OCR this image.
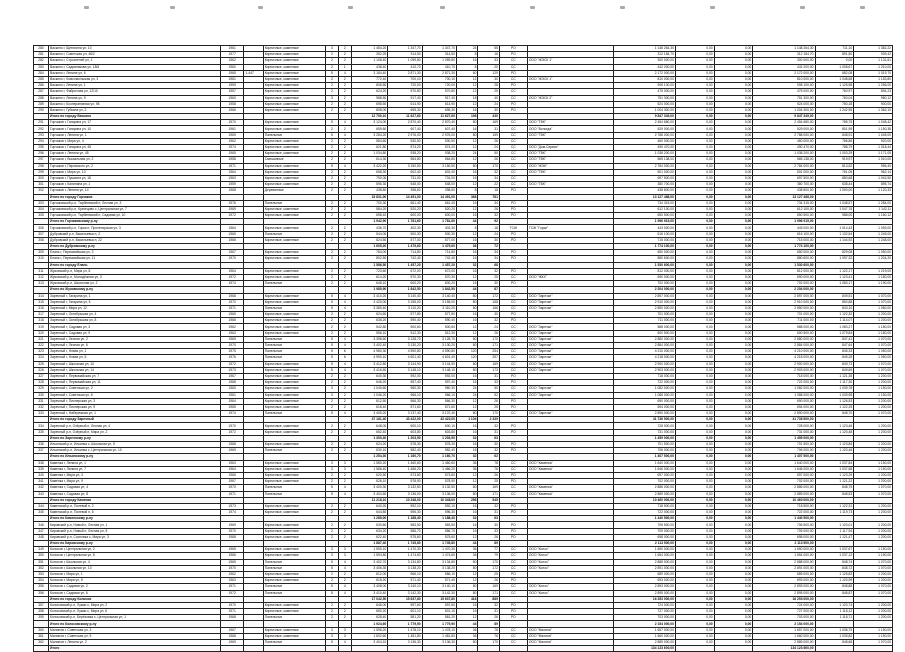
280	Васкино г, Щетинина ул, 10	1961		Кирпичные, каменные	3	2	1 484,20	1 347,70	1 347,70	24	55	РО		1 148 264,30	0,00	0,00	1 148 264,30	711,10	1 382,22
281	Васкино г, Советская ул, 48/2	1977		Кирпичные, каменные	2	2	352,25	314,50	314,50	8	16	РО		312 184,70	0,00	0,00	312 184,70	891,50	939,42
282	Васкино г, Строителей ул, 1	1962		Кирпичные, каменные	2	2	1 108,40	1 059,80	1 059,80	16	33	СС	ООО "ЖЭСК 1"	300 000,00	0,00	0,00	300 000,00	0,00	1 131,61
283	Васкино г, Садовникова ул, 18/6	1960		Кирпичные, каменные	2	1	438,40	410,70	410,70	8	20	СС		442 200,00	0,00	0,00	442 200,00	1 008,67	1 210,00
284	Васкино г, Ленина ул, 6	1965	1-447	Кирпичные, каменные	5	4	3 184,40	2 871,30	2 871,30	60	129	РО		2 172 000,00	0,00	0,00	2 172 000,00	682,08	1 019,70
285	Васкино г, Комсомольская ул, 3	1961		Кирпичные, каменные	2	2	772,40	700,10	700,10	12	30	СС	ООО "ЖЭСК 1"	810 000,00	0,00	0,00	810 000,00	1 048,68	1 183,80
286	Васкино г, Ленина ул, 1	1959		Кирпичные, каменные	2	2	806,50	720,00	720,00	12	28	РО		908 100,00	0,00	0,00	908 100,00	1 125,98	1 256,00
287	Васкино г, Фабричная ул, 12/10	1957		Кирпичные, каменные	2	2	624,20	570,80	570,80	12	25	СС		475 000,00	0,00	0,00	475 000,00	760,97	894,23
288	Васкино г, Ленина ул, 9	1960		Кирпичные, каменные	3	2	988,50	917,40	917,40	18	40	СС	ООО "ЖЭСК 2"	751 300,00	0,00	0,00	751 300,00	760,04	980,12
289	Васкино г, Кооперативная ул, 98	1958		Кирпичные, каменные	2	2	698,50	614,90	614,90	12	24	РО		524 000,00	0,00	0,00	524 000,00	750,18	900,00
290	Васкино г, Губкина ул, 2	1966		Кирпичные, каменные	2	2	808,00	695,30	695,30	16	30	РО		1 004 300,00	0,00	0,00	1 004 300,00	1 242,95	1 362,10
	Итого по городу Васкино						12 750,10	11 627,60	11 627,60	198	430			9 847 349,00	0,00	0,00	9 847 349,00		
291	Горчаков г, Гагарина ул, 17	1970		Кирпичные, каменные	5	4	3 124,00	2 870,40	2 870,40	80	169	СС	ООО "ТВК"	2 454 680,00	0,00	0,00	2 454 680,00	785,75	1 048,42
292	Горчаков г, Гагарина ул, 10	1961		Кирпичные, каменные	2	2	659,60	607,40	607,40	16	31	СС	ООО "Вологда"	529 000,00	0,00	0,00	529 000,00	801,99	1 150,38
293	Горчаков г, Ленина ул, 1	1969		Панельные	5	4	3 284,20	2 976,00	2 976,00	80	159	СС	ООО "ТВК"	2 788 000,00	0,00	0,00	2 788 000,00	848,91	1 045,00
294	Горчаков г, Мира ул, 4	1962		Кирпичные, каменные	2	2	584,60	530,50	530,50	12	26	СС		460 000,00	0,00	0,00	460 000,00	786,86	920,00
295	Горчаков г, Гагарина ул, 45	1974		Кирпичные, каменные	2	2	621,80	574,20	574,20	12	24	СС	ООО "Дом-Сервис"	490 470,00	0,00	0,00	490 470,00	788,79	1 018,44
296	Горчаков г, Ленина ул, 45	1965		Кирпичные, каменные	2	2	1 034,80	938,20	938,20	24	50	СС	ООО "ТВК"	1 038 200,00	0,00	0,00	1 038 200,00	1 003,29	1 171,05
297	Горчаков г, Вокзальная ул, 2	1958		Смешанные	2	2	614,30	564,80	564,80	12	26	СС	ООО "ТВК"	565 138,00	0,00	0,00	565 138,00	919,97	1 010,00
298	Горчаков г, Перовского ул, 2	1971		Кирпичные, каменные	5	4	3 422,20	3 150,50	3 150,50	80	170	СС	ООО "ЖЭК"	2 784 000,00	0,00	0,00	2 784 000,00	813,52	956,40
299	Горчаков г, Мира ул, 10	1964		Кирпичные, каменные	2	2	658,30	602,40	602,40	16	32	СС	ООО "ТВК"	501 000,00	0,00	0,00	501 000,00	761,05	962,14
300	Горчаков г, Пушкина ул, 18	1963		Кирпичные, каменные	2	2	792,00	731,00	731,00	16	34	СС		697 500,00	0,00	0,00	697 500,00	880,68	1 042,50
301	Горчаков г, Калинина ул, 1	1959		Кирпичные, каменные	2	2	596,30	548,00	548,00	12	22	СС	ООО "ТВК"	380 700,00	0,00	0,00	380 700,00	638,44	895,74
302	Горчаков г, Ленина ул, 14	1968		Деревянные	2	2	438,80	398,60	398,60	8	18	РО		438 800,00	0,00	0,00	438 800,00	1 000,00	1 120,33
	Итого по городу Горчаков						15 831,00	14 491,00	14 491,00	368	781			13 127 488,00	0,00	0,00	13 127 488,00		
303	Горчаковский р-н, Тарбеевский п, Лесная ул, 3	1976		Панельные	2	2	700,30	661,40	661,40	16	34	РО		734 315,00	0,00	0,00	734 315,00	1 048,57	1 284,00
304	Горчаковский р-н, Кузнецово с, Центральная ул, 7	1969		Кирпичные, каменные	2	2	584,20	520,20	520,20	12	26	РО		612 100,00	0,00	0,00	612 100,00	1 047,76	1 142,11
305	Горчаковский р-н, Тарбеевский п, Садовая ул, 10	1972		Кирпичные, каменные	2	2	658,40	600,00	600,00	16	32	РО		650 500,00	0,00	0,00	650 500,00	988,00	1 160,12
	Итого по Горчаковскому р-ну						1 942,90	1 781,60	1 781,60	44	92			1 996 915,00	0,00	0,00	1 996 915,00		
306	Горчаковский р-н, Горки п, Пролетарская ул, 3	1964		Кирпичные, каменные	2	2	436,70	402,30	402,30	8	18	ТСЖ	ТСЖ "Горки"	443 000,00	0,00	0,00	443 000,00	1 014,43	1 093,00
307	Дубровский р-н, Васильевка п, 2	1965		Панельные	2	2	544,00	500,30	500,30	12	24	РО		616 100,00	0,00	0,00	616 100,00	1 132,54	1 245,00
308	Дубровский р-н, Васильевка п, 22	1966		Кирпичные, каменные	2	2	624,50	577,00	577,00	16	30	РО		715 000,00	0,00	0,00	715 000,00	1 144,92	1 248,00
	Итого по Дубровскому р-ну						1 605,20	1 479,60	1 479,60	36	72			1 774 100,00	0,00	0,00	1 774 100,00		
309	Елань г, Первомайская ул, 3	1967		Кирпичные, каменные	2	2	784,00	714,80	714,80	16	34	РО		650 000,00	0,00	0,00	650 000,00	829,08	1 050,00
310	Елань г, Первомайская ул, 11	1970		Кирпичные, каменные	2	2	802,50	742,40	742,40	16	34	РО		880 600,00	0,00	0,00	880 600,00	1 097,32	1 204,20
	Итого по городу Елань						1 586,50	1 457,20	1 457,20	32	68			1 530 600,00	0,00	0,00	1 530 600,00		
311	Жуковский р-н, Мира ул, 8	1964		Кирпичные, каменные	2	2	723,60	672,00	672,00	16	32	РО		812 000,00	0,00	0,00	812 000,00	1 122,17	1 219,00
312	Жуковский р-н, Молодёжная ул, 3	1972		Кирпичные, каменные	2	2	614,20	570,30	570,30	12	25	СС	ООО "ЖКХ"	690 000,00	0,00	0,00	690 000,00	1 123,41	1 180,00
313	Жуковский р-н, Школьная ул, 2	1974		Панельные	2	2	648,10	600,20	600,20	16	30	РО		702 000,00	0,00	0,00	702 000,00	1 083,17	1 190,00
	Итого по Жуковскому р-ну						1 985,90	1 842,50	1 842,50	44	87			2 204 000,00	0,00	0,00	2 204 000,00		
314	Заречный г, Гагарина ул, 1	1968		Кирпичные, каменные	5	4	3 410,20	3 140,40	3 140,40	80	172	СС	ООО "Заречье"	2 897 000,00	0,00	0,00	2 897 000,00	849,51	1 070,00
315	Заречный г, Гагарина ул, 5	1970		Кирпичные, каменные	5	4	3 420,00	3 155,00	3 155,00	80	168	СС	ООО "Заречье"	2 910 000,00	0,00	0,00	2 910 000,00	850,88	1 070,00
316	Заречный г, Мира ул, 12	1971		Панельные	5	4	3 380,40	3 110,20	3 110,20	80	166	СС	ООО "Заречье"	2 850 000,00	0,00	0,00	2 850 000,00	843,10	1 060,00
317	Заречный г, Октябрьская ул, 4	1965		Кирпичные, каменные	2	2	624,60	577,80	577,80	16	30	РО		701 000,00	0,00	0,00	701 000,00	1 122,32	1 200,00
318	Заречный г, Октябрьская ул, 8	1966		Кирпичные, каменные	2	2	638,20	590,40	590,40	16	32	РО		711 000,00	0,00	0,00	711 000,00	1 114,07	1 200,00
319	Заречный г, Садовая ул, 3	1962		Кирпичные, каменные	2	2	542,80	500,60	500,60	12	24	СС	ООО "Заречье"	588 000,00	0,00	0,00	588 000,00	1 083,27	1 180,00
320	Заречный г, Садовая ул, 9	1963		Кирпичные, каменные	2	2	556,10	512,30	512,30	12	26	СС	ООО "Заречье"	600 500,00	0,00	0,00	600 500,00	1 079,84	1 180,00
321	Заречный г, Лесная ул, 2	1969		Панельные	5	4	3 398,60	3 128,70	3 128,70	80	170	СС	ООО "Заречье"	2 880 000,00	0,00	0,00	2 880 000,00	847,41	1 070,00
322	Заречный г, Лесная ул, 6	1970		Панельные	5	4	3 402,40	3 130,20	3 130,20	80	171	СС	ООО "Заречье"	2 884 000,00	0,00	0,00	2 884 000,00	847,64	1 070,00
323	Заречный г, Новая ул, 1	1975		Панельные	5	6	4 980,30	4 590,80	4 590,80	120	254	СС	ООО "Заречье"	4 210 000,00	0,00	0,00	4 210 000,00	845,33	1 050,00
324	Заречный г, Новая ул, 5	1976		Панельные	5	6	4 990,10	4 601,40	4 601,40	120	257	СС	ООО "Заречье"	4 218 000,00	0,00	0,00	4 218 000,00	845,28	1 050,00
325	Заречный г, Школьная ул, 10	1972		Кирпичные, каменные	5	4	3 412,80	3 144,90	3 144,90	80	169	СС	ООО "Заречье"	2 900 000,00	0,00	0,00	2 900 000,00	849,73	1 070,00
326	Заречный г, Школьная ул, 14	1973		Кирпичные, каменные	5	4	3 416,50	3 148,10	3 148,10	80	173	СС	ООО "Заречье"	2 903 000,00	0,00	0,00	2 903 000,00	849,69	1 070,00
327	Заречный г, Первомайская ул, 7	1967		Кирпичные, каменные	2	2	640,30	592,00	592,00	16	31	РО		718 000,00	0,00	0,00	718 000,00	1 121,35	1 200,00
328	Заречный г, Первомайская ул, 11	1968		Кирпичные, каменные	2	2	646,20	597,40	597,40	16	33	РО		722 000,00	0,00	0,00	722 000,00	1 117,30	1 200,00
329	Заречный г, Советская ул, 2	1960		Кирпичные, каменные	3	2	1 040,60	960,30	960,30	24	50	СС	ООО "Заречье"	1 082 000,00	0,00	0,00	1 082 000,00	1 039,78	1 150,00
330	Заречный г, Советская ул, 6	1961		Кирпичные, каменные	3	2	1 046,20	966,10	966,10	24	52	СС	ООО "Заречье"	1 088 000,00	0,00	0,00	1 088 000,00	1 039,95	1 150,00
331	Заречный г, Пионерская ул, 3	1964		Кирпичные, каменные	2	2	612,50	566,30	566,30	12	26	РО		690 000,00	0,00	0,00	690 000,00	1 126,53	1 200,00
332	Заречный г, Пионерская ул, 9	1965		Кирпичные, каменные	2	2	618,40	571,60	571,60	12	25	РО		694 000,00	0,00	0,00	694 000,00	1 122,25	1 200,00
333	Заречный г, Набережная ул, 1	1974		Панельные	5	4	3 405,20	3 137,40	3 137,40	80	170	СС	ООО "Заречье"	2 890 000,00	0,00	0,00	2 890 000,00	848,70	1 070,00
	Итого по городу Заречный						47 181,40	43 422,00	43 422,00	1 104	2 339			41 736 500,00	0,00	0,00	41 736 500,00		
334	Заречный р-н, Озёрный п, Лесная ул, 4	1970		Кирпичные, каменные	2	2	648,00	600,10	600,10	16	32	РО		728 000,00	0,00	0,00	728 000,00	1 123,46	1 200,00
335	Заречный р-н, Озёрный п, Мира ул, 2	1972		Кирпичные, каменные	2	2	652,40	603,80	603,80	16	31	РО		731 000,00	0,00	0,00	731 000,00	1 120,48	1 200,00
	Итого по Заречному р-ну						1 300,40	1 203,90	1 203,90	32	63			1 459 000,00	0,00	0,00	1 459 000,00		
336	Ильинский р-н, Ильинка с, Школьная ул, 5	1968		Кирпичные, каменные	2	2	624,20	578,30	578,30	16	30	РО		701 500,00	0,00	0,00	701 500,00	1 123,84	1 200,00
337	Ильинский р-н, Ильинка с, Центральная ул, 10	1969		Панельные	2	2	630,10	582,40	582,40	16	32	РО		706 000,00	0,00	0,00	706 000,00	1 120,46	1 200,00
	Итого по Ильинскому р-ну						1 254,30	1 160,70	1 160,70	32	62			1 407 500,00	0,00	0,00	1 407 500,00		
338	Каменка г, Ленина ул, 1	1963		Кирпичные, каменные	3	3	1 580,20	1 460,60	1 460,60	36	78	СС	ООО "Каменка"	1 640 000,00	0,00	0,00	1 640 000,00	1 037,84	1 150,00
339	Каменка г, Ленина ул, 7	1964		Кирпичные, каменные	3	3	1 586,40	1 466,20	1 466,20	36	76	СС	ООО "Каменка"	1 646 000,00	0,00	0,00	1 646 000,00	1 037,58	1 150,00
340	Каменка г, Мира ул, 3	1966		Кирпичные, каменные	2	2	620,50	573,80	573,80	12	26	РО		697 000,00	0,00	0,00	697 000,00	1 123,29	1 200,00
341	Каменка г, Мира ул, 9	1967		Кирпичные, каменные	2	2	626,10	578,90	578,90	12	25	РО		702 000,00	0,00	0,00	702 000,00	1 121,22	1 200,00
342	Каменка г, Садовая ул, 4	1970		Панельные	5	4	3 400,30	3 132,50	3 132,50	80	169	СС	ООО "Каменка"	2 886 000,00	0,00	0,00	2 886 000,00	848,75	1 070,00
343	Каменка г, Садовая ул, 8	1971		Панельные	5	4	3 404,60	3 136,00	3 136,00	80	171	СС	ООО "Каменка"	2 889 000,00	0,00	0,00	2 889 000,00	848,53	1 070,00
	Итого по городу Каменка						11 218,10	10 348,00	10 348,00	256	545			10 460 000,00	0,00	0,00	10 460 000,00		
344	Каменский р-н, Полевой п, 2	1973		Кирпичные, каменные	2	2	640,20	592,10	592,10	16	32	РО		718 500,00	0,00	0,00	718 500,00	1 122,31	1 200,00
345	Каменский р-н, Полевой п, 6	1974		Кирпичные, каменные	2	2	644,80	596,30	596,30	16	31	РО		722 000,00	0,00	0,00	722 000,00	1 119,73	1 200,00
	Итого по Каменскому р-ну						1 285,00	1 188,40	1 188,40	32	63			1 440 500,00	0,00	0,00	1 440 500,00		
346	Кировский р-н, Новый п, Лесная ул, 1	1969		Кирпичные, каменные	2	2	630,80	583,50	583,50	16	30	РО		706 500,00	0,00	0,00	706 500,00	1 120,01	1 200,00
347	Кировский р-н, Новый п, Лесная ул, 5	1970		Кирпичные, каменные	2	2	634,20	586,70	586,70	16	33	РО		709 000,00	0,00	0,00	709 000,00	1 117,94	1 200,00
348	Кировский р-н, Сосновка с, Мира ул, 3	1968		Кирпичные, каменные	2	2	622,40	575,60	575,60	12	26	РО		698 000,00	0,00	0,00	698 000,00	1 121,47	1 200,00
	Итого по Кировскому р-ну						1 887,40	1 745,80	1 745,80	44	89			2 113 500,00	0,00	0,00	2 113 500,00		
349	Колосов г, Центральная ул, 2	1965		Кирпичные, каменные	3	3	1 590,10	1 470,30	1 470,30	36	77	СС	ООО "Колос"	1 650 000,00	0,00	0,00	1 650 000,00	1 037,67	1 150,00
350	Колосов г, Центральная ул, 8	1966		Кирпичные, каменные	3	3	1 594,80	1 474,60	1 474,60	36	79	СС	ООО "Колос"	1 654 000,00	0,00	0,00	1 654 000,00	1 037,12	1 150,00
351	Колосов г, Школьная ул, 4	1969		Панельные	5	4	3 402,70	3 134,80	3 134,80	80	170	СС	ООО "Колос"	2 888 000,00	0,00	0,00	2 888 000,00	848,74	1 070,00
352	Колосов г, Школьная ул, 10	1970		Панельные	5	4	3 406,30	3 138,20	3 138,20	80	172	СС	ООО "Колос"	2 891 000,00	0,00	0,00	2 891 000,00	848,72	1 070,00
353	Колосов г, Мира ул, 1	1962		Кирпичные, каменные	2	2	612,00	566,10	566,10	12	25	РО		689 000,00	0,00	0,00	689 000,00	1 125,82	1 200,00
354	Колосов г, Мира ул, 5	1963		Кирпичные, каменные	2	2	618,20	571,40	571,40	12	26	РО		693 000,00	0,00	0,00	693 000,00	1 120,99	1 200,00
355	Колосов г, Садовая ул, 2	1971		Панельные	5	4	3 408,00	3 140,10	3 140,10	80	169	СС	ООО "Колос"	2 893 000,00	0,00	0,00	2 893 000,00	848,88	1 070,00
356	Колосов г, Садовая ул, 6	1972		Панельные	5	4	3 410,40	3 142,30	3 142,30	80	171	СС	ООО "Колос"	2 895 000,00	0,00	0,00	2 895 000,00	848,87	1 070,00
	Итого по городу Колосов						17 042,50	15 637,80	15 637,80	416	889			16 253 000,00	0,00	0,00	16 253 000,00		
357	Колосовский р-н, Лужки с, Мира ул, 2	1970		Кирпичные, каменные	2	2	646,00	597,60	597,60	16	32	РО		724 000,00	0,00	0,00	724 000,00	1 120,74	1 200,00
358	Колосовский р-н, Лужки с, Мира ул, 6	1971		Кирпичные, каменные	2	2	650,20	601,10	601,10	16	31	РО		727 000,00	0,00	0,00	727 000,00	1 118,12	1 200,00
359	Колосовский р-н, Берёзовка с, Центральная ул, 1	1968		Панельные	2	2	628,40	581,20	581,20	12	26	РО		703 000,00	0,00	0,00	703 000,00	1 118,71	1 200,00
	Итого по Колосовскому р-ну						1 924,60	1 779,90	1 779,90	44	89			2 154 000,00	0,00	0,00	2 154 000,00		
360	Малинов г, Советская ул, 3	1967		Кирпичные, каменные	3	3	1 598,20	1 478,10	1 478,10	36	78	СС	ООО "Малина"	1 657 000,00	0,00	0,00	1 657 000,00	1 036,79	1 150,00
361	Малинов г, Советская ул, 9	1968		Кирпичные, каменные	3	3	1 602,60	1 481,80	1 481,80	36	76	СС	ООО "Малина"	1 660 000,00	0,00	0,00	1 660 000,00	1 035,82	1 150,00
362	Малинов г, Ленина ул, 2	1969		Панельные	5	4	3 404,10	3 136,30	3 136,30	80	170	СС	ООО "Малина"	2 889 000,00	0,00	0,00	2 889 000,00	848,68	1 070,00
	Итого													134 123 600,00			134 123 600,00		
